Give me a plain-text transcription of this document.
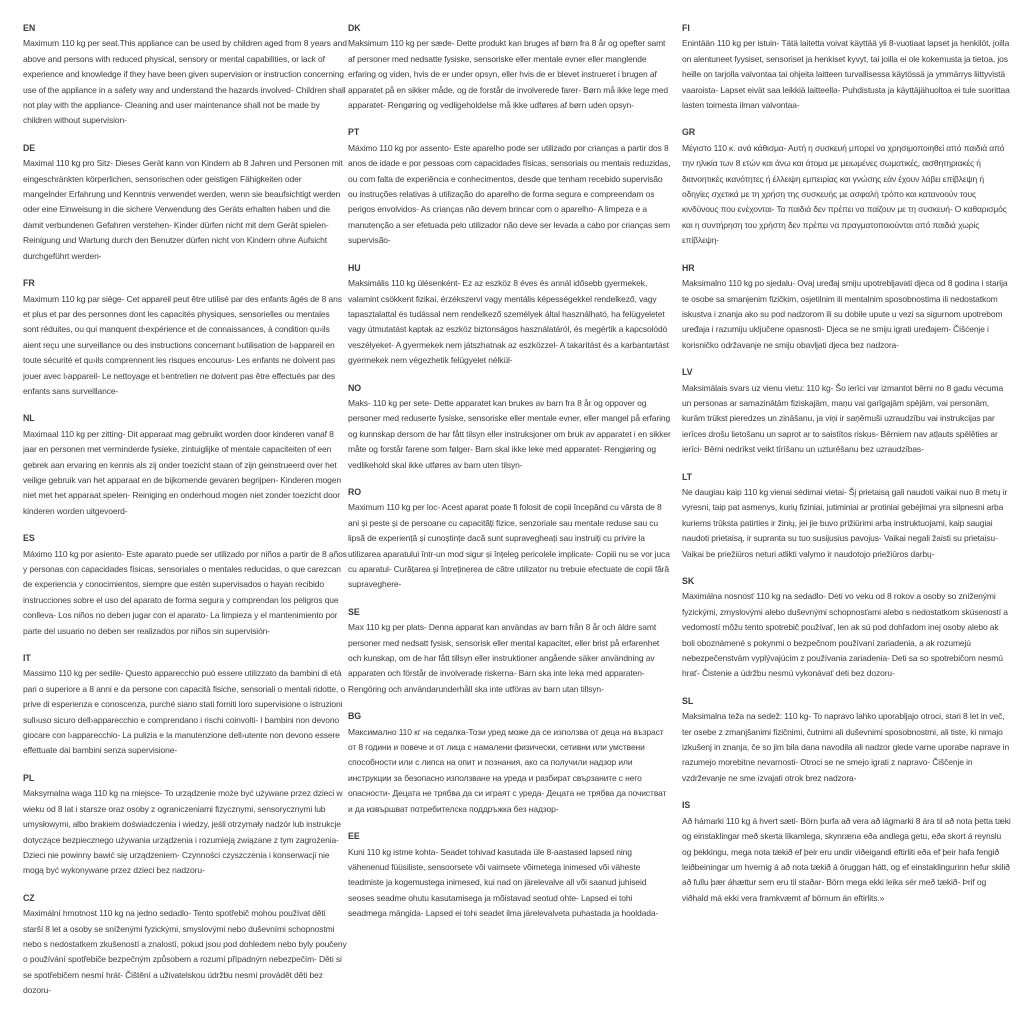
EN
Maximum 110 kg per seat.This appliance can be used by children aged from 8 years and above and persons with reduced physical, sensory or mental capabilities, or lack of experience and knowledge if they have been given supervision or instruction concerning use of the appliance in a safety way and understand the hazards involved- Children shall not play with the appliance- Cleaning and user maintenance shall not be made by children without supervision-
DE
Maximal 110 kg pro Sitz- Dieses Gerät kann von Kindern ab 8 Jahren und Personen mit eingeschränkten körperlichen, sensorischen oder geistigen Fähigkeiten oder mangelnder Erfahrung und Kenntnis verwendet werden, wenn sie beaufsichtigt werden oder eine Einweisung in die sichere Verwendung des Geräts erhalten haben und die damit verbundenen Gefahren verstehen- Kinder dürfen nicht mit dem Gerät spielen- Reinigung und Wartung durch den Benutzer dürfen nicht von Kindern ohne Aufsicht durchgeführt werden-
FR
Maximum 110 kg par siège- Cet appareil peut être utilisé par des enfants âgés de 8 ans et plus et par des personnes dont les capacités physiques, sensorielles ou mentales sont réduites, ou qui manquent d›expérience et de connaissances, à condition qu›ils aient reçu une surveillance ou des instructions concernant l›utilisation de l›appareil en toute sécurité et qu›ils comprennent les risques encourus- Les enfants ne doivent pas jouer avec l›appareil- Le nettoyage et l›entretien ne doivent pas être effectués par des enfants sans surveillance-
NL
Maximaal 110 kg per zitting- Dit apparaat mag gebruikt worden door kinderen vanaf 8 jaar en personen met verminderde fysieke, zintuiglijke of mentale capaciteiten of een gebrek aan ervaring en kennis als zij onder toezicht staan of zijn geinstrueerd over het veilige gebruik van het apparaat en de bijkomende gevaren begrijpen- Kinderen mogen niet met het apparaat spelen- Reiniging en onderhoud mogen niet zonder toezicht door kinderen worden uitgevoerd-
ES
Máximo 110 kg por asiento- Este aparato puede ser utilizado por niños a partir de 8 años y personas con capacidades físicas, sensoriales o mentales reducidas, o que carezcan de experiencia y conocimientos, siempre que estén supervisados o hayan recibido instrucciones sobre el uso del aparato de forma segura y comprendan los peligros que conlleva- Los niños no deben jugar con el aparato- La limpieza y el mantenimiento por parte del usuario no deben ser realizados por niños sin supervisión-
IT
Massimo 110 kg per sedile- Questo apparecchio può essere utilizzato da bambini di età pari o superiore a 8 anni e da persone con capacità fisiche, sensoriali o mentali ridotte, o prive di esperienza e conoscenza, purché siano stati forniti loro supervisione o istruzioni sull›uso sicuro dell›apparecchio e comprendano i rischi coinvolti- I bambini non devono giocare con l›apparecchio- La pulizia e la manutenzione dell›utente non devono essere effettuate dai bambini senza supervisione-
PL
Maksymalna waga 110 kg na miejsce- To urządzenie może być używane przez dzieci w wieku od 8 lat i starsze oraz osoby z ograniczeniami fizycznymi, sensorycznymi lub umysłowymi, albo brakiem doświadczenia i wiedzy, jeśli otrzymały nadzór lub instrukcje dotyczące bezpiecznego używania urządzenia i rozumieją związane z tym zagrożenia- Dzieci nie powinny bawić się urządzeniem- Czynności czyszczenia i konserwacji nie mogą być wykonywane przez dzieci bez nadzoru-
CZ
Maximální hmotnost 110 kg na jedno sedadlo- Tento spotřebič mohou používat děti starší 8 let a osoby se sníženými fyzickými, smyslovými nebo duševními schopnostmi nebo s nedostatkem zkušeností a znalostí, pokud jsou pod dohledem nebo byly poučeny o používání spotřebiče bezpečným způsobem a rozumí případným nebezpečím- Děti si se spotřebičem nesmí hrát- Čištění a uživatelskou údržbu nesmí provádět děti bez dozoru-
DK
Maksimum 110 kg per sæde- Dette produkt kan bruges af børn fra 8 år og opefter samt af personer med nedsatte fysiske, sensoriske eller mentale evner eller manglende erfaring og viden, hvis de er under opsyn, eller hvis de er blevet instrueret i brugen af apparatet på en sikker måde, og de forstår de involverede farer- Børn må ikke lege med apparatet- Rengøring og vedligeholdelse må ikke udføres af børn uden opsyn-
PT
Máximo 110 kg por assento- Este aparelho pode ser utilizado por crianças a partir dos 8 anos de idade e por pessoas com capacidades físicas, sensoriais ou mentais reduzidas, ou com falta de experiência e conhecimentos, desde que tenham recebido supervisão ou instruções relativas à utilização do aparelho de forma segura e compreendam os perigos envolvidos- As crianças não devem brincar com o aparelho- A limpeza e a manutenção a ser efetuada pelo utilizador não deve ser levada a cabo por crianças sem supervisão-
HU
Maksimális 110 kg ülésenként- Ez az eszköz 8 éves és annál idősebb gyermekek, valamint csökkent fizikai, érzékszervi vagy mentális képességekkel rendelkező, vagy tapasztalattal és tudással nem rendelkező személyek által használható, ha felügyeletet vagy útmutatást kaptak az eszköz biztonságos használatáról, és megértik a kapcsolódó veszélyeket- A gyermekek nem játszhatnak az eszközzel- A takarítást és a karbantartást gyermekek nem végezhetik felügyelet nélkül-
NO
Maks- 110 kg per sete- Dette apparatet kan brukes av barn fra 8 år og oppover og personer med reduserte fysiske, sensoriske eller mentale evner, eller mangel på erfaring og kunnskap dersom de har fått tilsyn eller instruksjoner om bruk av apparatet i en sikker måte og forstår farene som følger- Barn skal ikke leke med apparatet- Rengjøring og vedlikehold skal ikke utføres av barn uten tilsyn-
RO
Maximum 110 kg per loc- Acest aparat poate fi folosit de copii începând cu vârsta de 8 ani și peste și de persoane cu capacități fizice, senzoriale sau mentale reduse sau cu lipsă de experiență și cunoștințe dacă sunt supravegheați sau instruiți cu privire la utilizarea aparatului într-un mod sigur și înțeleg pericolele implicate- Copiii nu se vor juca cu aparatul- Curățarea și întreținerea de către utilizator nu trebuie efectuate de copii fără supraveghere-
SE
Max 110 kg per plats- Denna apparat kan användas av barn från 8 år och äldre samt personer med nedsatt fysisk, sensorisk eller mental kapacitet, eller brist på erfarenhet och kunskap, om de har fått tillsyn eller instruktioner angående säker användning av apparaten och förstår de involverade riskerna- Barn ska inte leka med apparaten- Rengöring och användarunderhåll ska inte utföras av barn utan tillsyn-
BG
Максимално 110 кг на седалка-Този уред може да се използва от деца на възраст от 8 години и повече и от лица с намалени физически, сетивни или умствени способности или с липса на опит и познания, ако са получили надзор или инструкции за безопасно използване на уреда и разбират свързаните с него опасности- Децата не трябва да си играят с уреда- Децата не трябва да почистват и да извършват потребителска поддръжка без надзор-
EE
Kuni 110 kg istme kohta- Seadet tohivad kasutada üle 8-aastased lapsed ning vähenenud füüsiliste, sensoorsete või vaimsete võimetega inimesed või väheste teadmiste ja kogemustega inimesed, kui nad on järelevalve all või saanud juhiseid seoses seadme ohutu kasutamisega ja mõistavad seotud ohte- Lapsed ei tohi seadmega mängida- Lapsed ei tohi seadet ilma järelevalveta puhastada ja hooldada-
FI
Enintään 110 kg per istuin- Tätä laitetta voivat käyttää yli 8-vuotiaat lapset ja henkilöt, joilla on alentuneet fyysiset, sensoriset ja henkiset kyvyt, tai joilla ei ole kokemusta ja tietoa, jos heille on tarjolla valvontaa tai ohjeita laitteen turvallisessa käytössä ja ymmärrys liittyvistä vaaroista- Lapset eivät saa leikkiä laitteella- Puhdistusta ja käyttäjähuoltoa ei tule suorittaa lasten toimesta ilman valvontaa-
GR
Μέγιστο 110 κ. ανά κάθισμα- Αυτή η συσκευή μπορεί να χρησιμοποιηθεί από παιδιά από την ηλικία των 8 ετών και άνω και άτομα με μειωμένες σωματικές, αισθητηριακές ή διανοητικές ικανότητες ή έλλειψη εμπειρίας και γνώσης εάν έχουν λάβει επίβλεψη ή οδηγίες σχετικά με τη χρήση της συσκευής με ασφαλή τρόπο και κατανοούν τους κινδύνους που ενέχονται- Τα παιδιά δεν πρέπει να παίζουν με τη συσκευή- Ο καθαρισμός και η συντήρηση του χρήστη δεν πρέπει να πραγματοποιούνται από παιδιά χωρίς επίβλεψη-
HR
Maksimalno 110 kg po sjedalu- Ovaj uređaj smiju upotrebljavati djeca od 8 godina i starija te osobe sa smanjenim fizičkim, osjetilnim ili mentalnim sposobnostima ili nedostatkom iskustva i znanja ako su pod nadzorom ili su dobile upute u vezi sa sigurnom upotrebom uređaja i razumiju uključene opasnosti- Djeca se ne smiju igrati uređajem- Čišćenje i korisničko održavanje ne smiju obavljati djeca bez nadzora-
LV
Maksimālais svars uz vienu vietu: 110 kg- Šo ierīci var izmantot bērni no 8 gadu vecuma un personas ar samazinātām fiziskajām, maņu vai garīgajām spējām, vai personām, kurām trūkst pieredzes un zināšanu, ja viņi ir saņēmuši uzraudzību vai instrukcijas par ierīces drošu lietošanu un saprot ar to saistītos riskus- Bērniem nav atļauts spēlēties ar ierīci- Bērni nedrīkst veikt tīrīšanu un uzturēšanu bez uzraudzības-
LT
Ne daugiau kaip 110 kg vienai sėdimai vietai- Šį prietaisą gali naudoti vaikai nuo 8 metų ir vyresni, taip pat asmenys, kurių fiziniai, jutiminiai ar protiniai gebėjimai yra silpnesni arba kuriems trūksta patirties ir žinių, jei jie buvo prižiūrimi arba instruktuojami, kaip saugiai naudoti prietaisą, ir supranta su tuo susijusius pavojus- Vaikai negali žaisti su prietaisu- Vaikai be priežiūros neturi atlikti valymo ir naudotojo priežiūros darbų-
SK
Maximálna nosnosť 110 kg na sedadlo- Deti vo veku od 8 rokov a osoby so zníženými fyzickými, zmyslovými alebo duševnými schopnosťami alebo s nedostatkom skúseností a vedomostí môžu tento spotrebič používať, len ak sú pod dohľadom inej osoby alebo ak boli oboznámené s pokynmi o bezpečnom používaní zariadenia, a ak rozumejú nebezpečenstvám vyplývajúcim z používania zariadenia- Deti sa so spotrebičom nesmú hrať- Čistenie a údržbu nesmú vykonávať deti bez dozoru-
SL
Maksimalna teža na sedež: 110 kg- To napravo lahko uporabljajo otroci, stari 8 let in več, ter osebe z zmanjšanimi fizičnimi, čutnimi ali duševnimi sposobnostmi, ali tiste, ki nimajo izkušenj in znanja, če so jim bila dana navodila ali nadzor glede varne uporabe naprave in razumejo morebitne nevarnosti- Otroci se ne smejo igrati z napravo- Čiščenje in vzdrževanje ne sme izvajati otrok brez nadzora-
IS
Að hámarki 110 kg á hvert sæti- Börn þurfa að vera að lágmarki 8 ára til að nota þetta tæki og einstaklingar með skerta líkamlega, skynræna eða andlega getu, eða skort á reynslu og þekkingu, mega nota tækið ef þeir eru undir viðeigandi eftirliti eða ef þeir hafa fengið leiðbeiningar um hvernig á að nota tækið á öruggan hátt, og ef einstaklingurinn hefur skilið að fullu þær áhættur sem eru til staðar- Börn mega ekki leika sér með tækið- Þrif og viðhald má ekki vera framkvæmt af börnum án eftirlits.»
